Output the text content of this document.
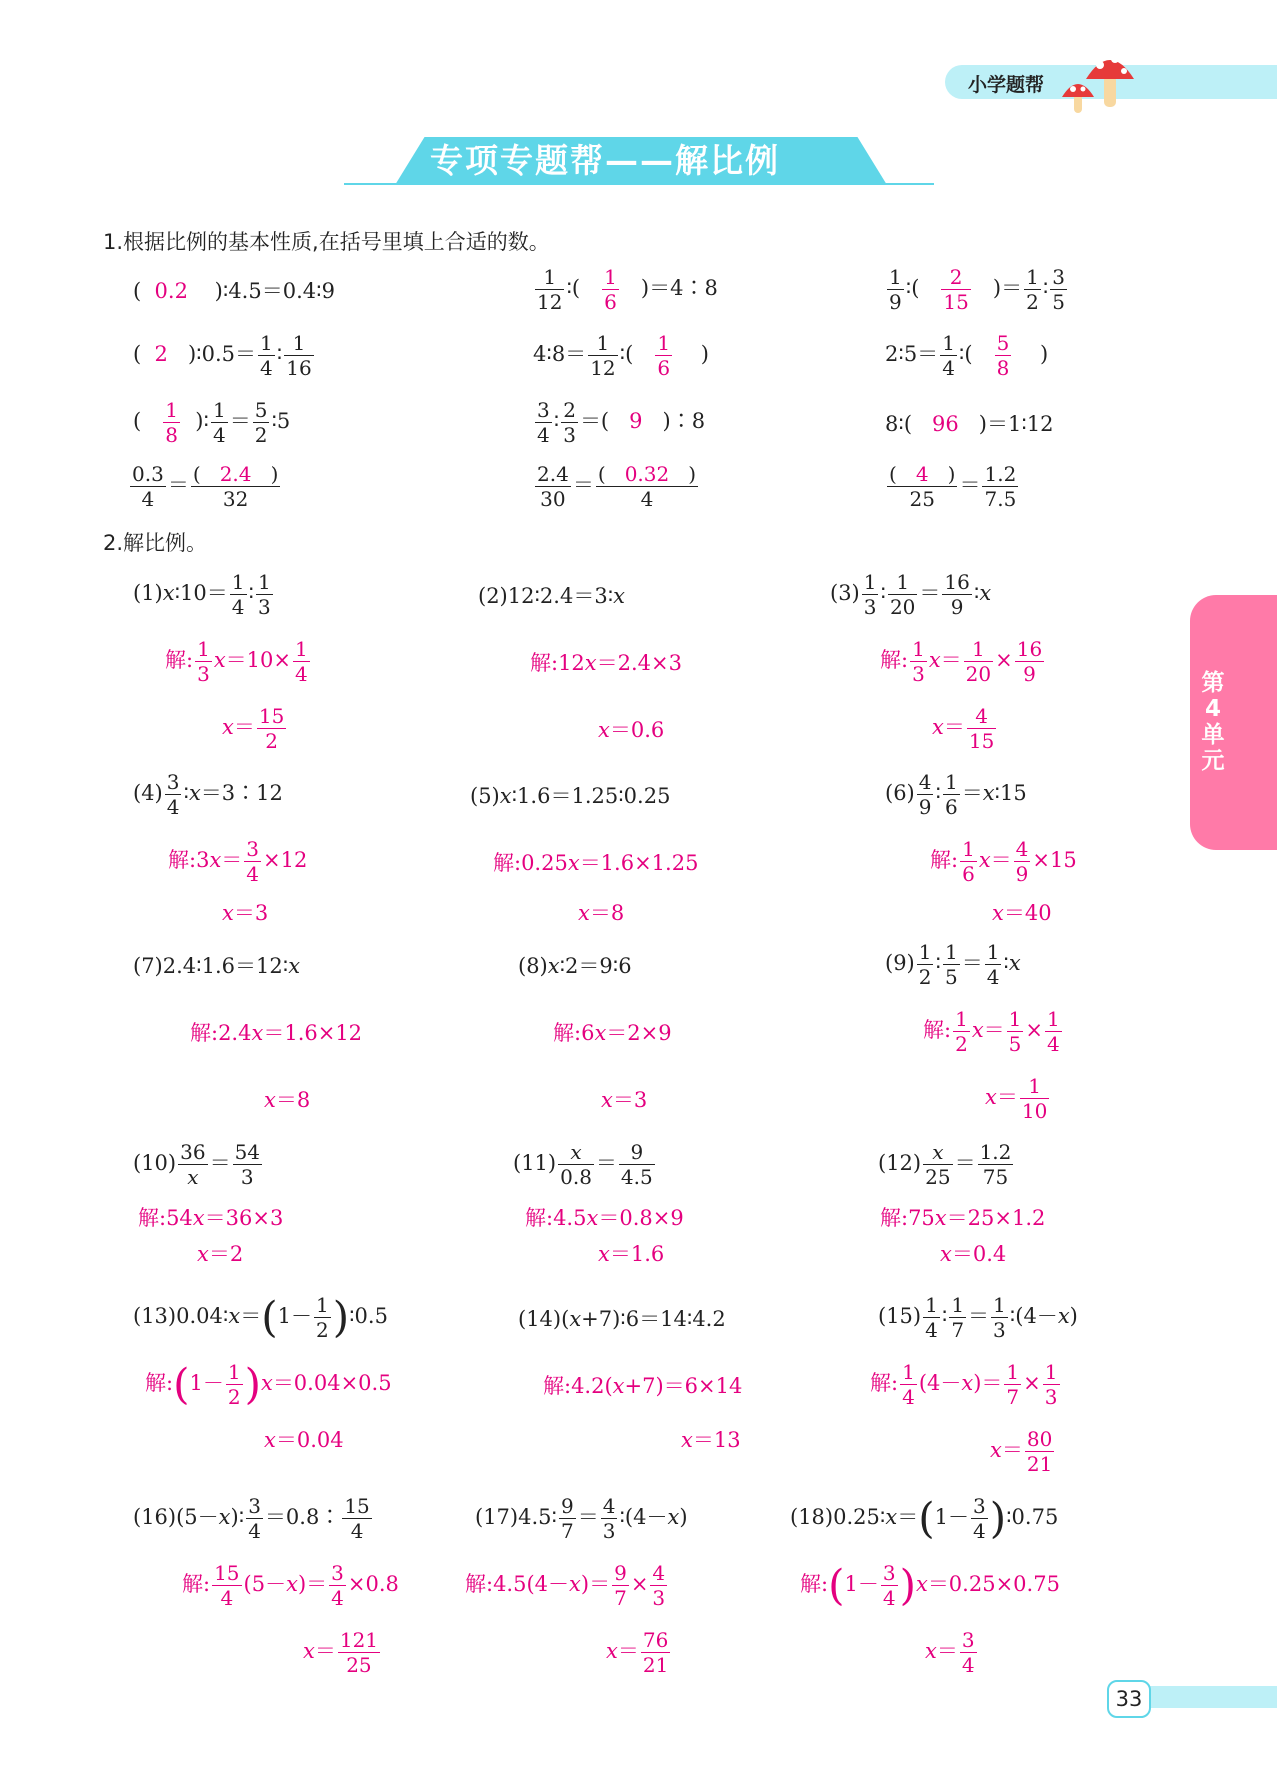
小学题帮
专项专题帮——解比例
第4单元
1.根据比例的基本性质,在括号里填上合适的数。
(  0.2    )∶4.5＝0.4∶9	$\frac{1}{12}$ ∶( $\frac{1}{6}$ )＝4∶8	$\frac{1}{9}$ ∶( $\frac{2}{15}$ )＝ $\frac{1}{2}$ ∶ $\frac{3}{5}$
(  2   )∶0.5＝ $\frac{1}{4}$ ∶ $\frac{1}{16}$	4∶8＝ $\frac{1}{12}$ ∶( $\frac{1}{6}$ )	2∶5＝ $\frac{1}{4}$ ∶( $\frac{5}{8}$ )
( $\frac{1}{8}$ )∶ $\frac{1}{4} = \frac{5}{2}$ ∶5	$\frac{3}{4}$ ∶ $\frac{2}{3}$ ＝(   9   )∶8	8∶(   96   )＝1∶12
$\frac{0.3}{4} = \frac{( 2.4 )}{32}$	$\frac{2.4}{30} = \frac{( 0.32 )}{4}$	$\frac{( 4 )}{25} = \frac{1.2}{7.5}$
2.解比例。
(1)x∶10＝ $\frac{1}{4}$ ∶ $\frac{1}{3}$
解: $\frac{1}{3} x=10\times \frac{1}{4}$
$x= \frac{15}{2}$
(2)12∶2.4＝3∶x
解:12x＝2.4×3
x＝0.6
$(3) \frac{1}{3}$ ∶ $\frac{1}{20} = \frac{16}{9}$ ∶x
解: $\frac{1}{3} x= \frac{1}{20} \times \frac{16}{9}$
$x= \frac{4}{15}$
$(4) \frac{3}{4}$ ∶x＝3∶12
解:3x＝ $\frac{3}{4} \times 12$
x＝3
(5)x∶1.6＝1.25∶0.25
解:0.25x＝1.6×1.25
x＝8
$(6) \frac{4}{9}$ ∶ $\frac{1}{6}$ ＝x∶15
解: $\frac{1}{6} x= \frac{4}{9} \times 15$
x＝40
(7)2.4∶1.6＝12∶x
解:2.4x＝1.6×12
x＝8
(8)x∶2＝9∶6
解:6x＝2×9
x＝3
$(9) \frac{1}{2}$ ∶ $\frac{1}{5} = \frac{1}{4}$ ∶x
解: $\frac{1}{2} x= \frac{1}{5} \times \frac{1}{4}$
$x= \frac{1}{10}$
$(10) \frac{36}{x} = \frac{54}{3}$
解:54x＝36×3
x＝2
$(11) \frac{x}{0.8} = \frac{9}{4.5}$
解:4.5x＝0.8×9
x＝1.6
$(12) \frac{x}{25} = \frac{1.2}{75}$
解:75x＝25×1.2
x＝0.4
(13)0.04∶x＝(1－ $\frac{1}{2}$ )∶0.5
解:(1－ $\frac{1}{2} )x=0.04\times 0.5$
x＝0.04
(14)(x+7)∶6＝14∶4.2
解:4.2(x+7)＝6×14
x＝13
$(15) \frac{1}{4}$ ∶ $\frac{1}{7} = \frac{1}{3}$ ∶(4－x)
解: $\frac{1}{4} (4-x)= \frac{1}{7} \times \frac{1}{3}$
$x= \frac{80}{21}$
(16)(5－x)∶ $\frac{3}{4}$ ＝0.8∶ $\frac{15}{4}$
解: $\frac{15}{4} (5-x)= \frac{3}{4} \times 0.8$
$x= \frac{121}{25}$
(17)4.5∶ $\frac{9}{7} = \frac{4}{3}$ ∶(4－x)
解:4.5(4－x)＝ $\frac{9}{7} \times \frac{4}{3}$
$x= \frac{76}{21}$
(18)0.25∶x＝(1－ $\frac{3}{4}$ )∶0.75
解:(1－ $\frac{3}{4} )x=0.25\times 0.75$
$x= \frac{3}{4}$
33
